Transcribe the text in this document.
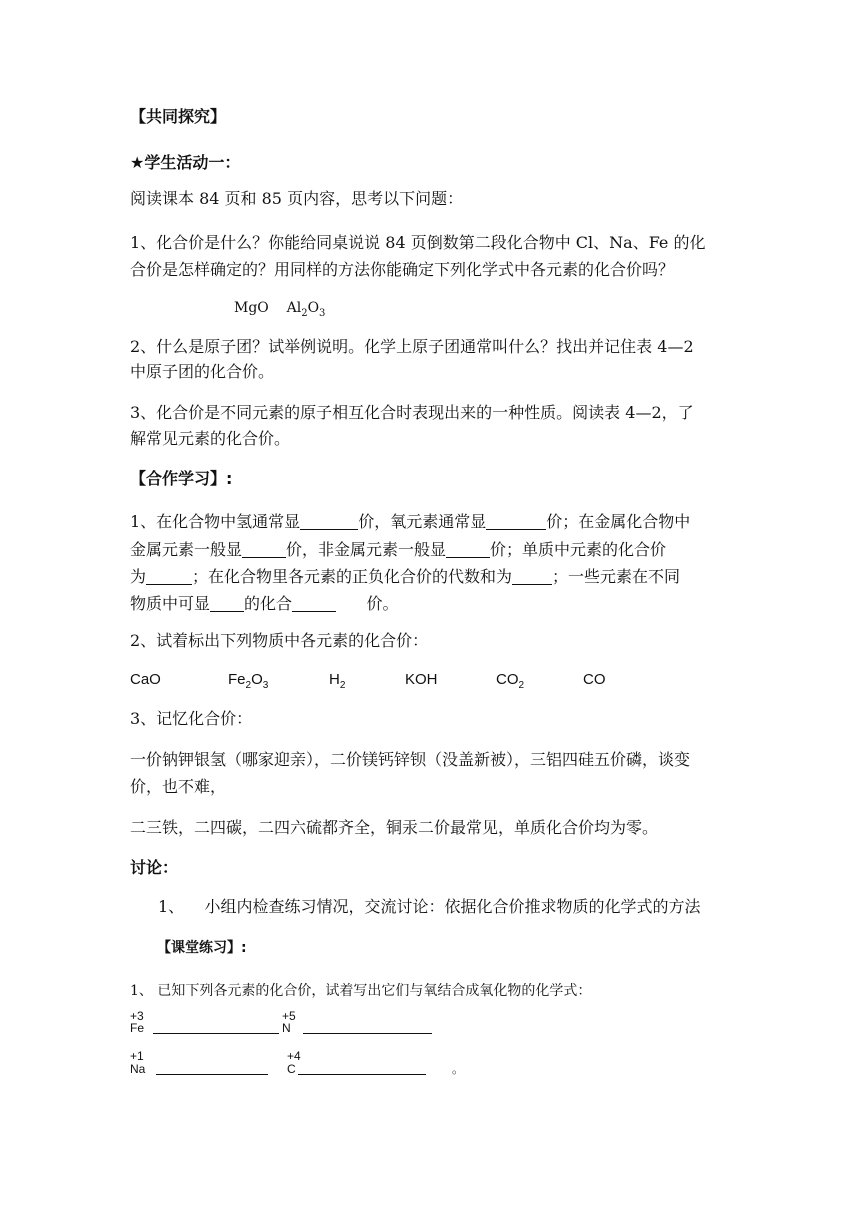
【共同探究】
★学生活动一：
阅读课本 84 页和 85 页内容，思考以下问题：
1、化合价是什么？你能给同桌说说 84 页倒数第二段化合物中 Cl、Na、Fe 的化
合价是怎样确定的？用同样的方法你能确定下列化学式中各元素的化合价吗？
MgO $Al_2O_3$
2、什么是原子团？试举例说明。化学上原子团通常叫什么？找出并记住表 4—2
中原子团的化合价。
3、化合价是不同元素的原子相互化合时表现出来的一种性质。阅读表 4—2，了
解常见元素的化合价。
【合作学习】:
1、在化合物中氢通常显	价，氧元素通常显	价；在金属化合物中
金属元素一般显	价，非金属元素一般显	价；单质中元素的化合价
为	；在化合物里各元素的正负化合价的代数和为	；一些元素在不同
物质中可显 的化合	价。
2、试着标出下列物质中各元素的化合价：
CaO	$Fe_2O_3$	$H_2$	KOH	$CO_2$	CO
3、记忆化合价：
一价钠钾银氢（哪家迎亲），二价镁钙锌钡（没盖新被），三铝四硅五价磷，谈变
价，也不难，
二三铁，二四碳，二四六硫都齐全，铜汞二价最常见，单质化合价均为零。
讨论：
1、 小组内检查练习情况，交流讨论：依据化合价推求物质的化学式的方法
【课堂练习】:
1、 已知下列各元素的化合价，试着写出它们与氧结合成氧化物的化学式：
+3
Fe
+5
N
+1
Na
+4
C	。
